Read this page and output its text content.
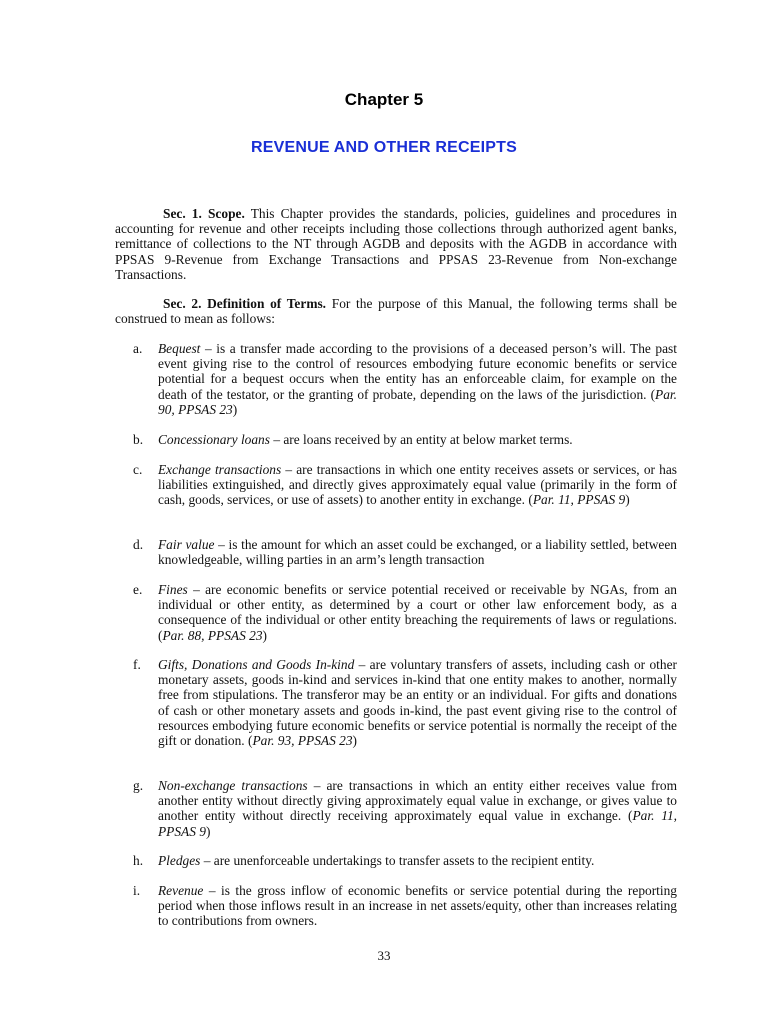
Chapter 5
REVENUE AND OTHER RECEIPTS
Sec. 1. Scope. This Chapter provides the standards, policies, guidelines and procedures in accounting for revenue and other receipts including those collections through authorized agent banks, remittance of collections to the NT through AGDB and deposits with the AGDB in accordance with PPSAS 9-Revenue from Exchange Transactions and PPSAS 23-Revenue from Non-exchange Transactions.
Sec. 2. Definition of Terms. For the purpose of this Manual, the following terms shall be construed to mean as follows:
a. Bequest – is a transfer made according to the provisions of a deceased person’s will. The past event giving rise to the control of resources embodying future economic benefits or service potential for a bequest occurs when the entity has an enforceable claim, for example on the death of the testator, or the granting of probate, depending on the laws of the jurisdiction. (Par. 90, PPSAS 23)
b. Concessionary loans – are loans received by an entity at below market terms.
c. Exchange transactions – are transactions in which one entity receives assets or services, or has liabilities extinguished, and directly gives approximately equal value (primarily in the form of cash, goods, services, or use of assets) to another entity in exchange. (Par. 11, PPSAS 9)
d. Fair value – is the amount for which an asset could be exchanged, or a liability settled, between knowledgeable, willing parties in an arm’s length transaction
e. Fines – are economic benefits or service potential received or receivable by NGAs, from an individual or other entity, as determined by a court or other law enforcement body, as a consequence of the individual or other entity breaching the requirements of laws or regulations. (Par. 88, PPSAS 23)
f. Gifts, Donations and Goods In-kind – are voluntary transfers of assets, including cash or other monetary assets, goods in-kind and services in-kind that one entity makes to another, normally free from stipulations. The transferor may be an entity or an individual. For gifts and donations of cash or other monetary assets and goods in-kind, the past event giving rise to the control of resources embodying future economic benefits or service potential is normally the receipt of the gift or donation. (Par. 93, PPSAS 23)
g. Non-exchange transactions – are transactions in which an entity either receives value from another entity without directly giving approximately equal value in exchange, or gives value to another entity without directly receiving approximately equal value in exchange. (Par. 11, PPSAS 9)
h. Pledges – are unenforceable undertakings to transfer assets to the recipient entity.
i. Revenue – is the gross inflow of economic benefits or service potential during the reporting period when those inflows result in an increase in net assets/equity, other than increases relating to contributions from owners.
33
